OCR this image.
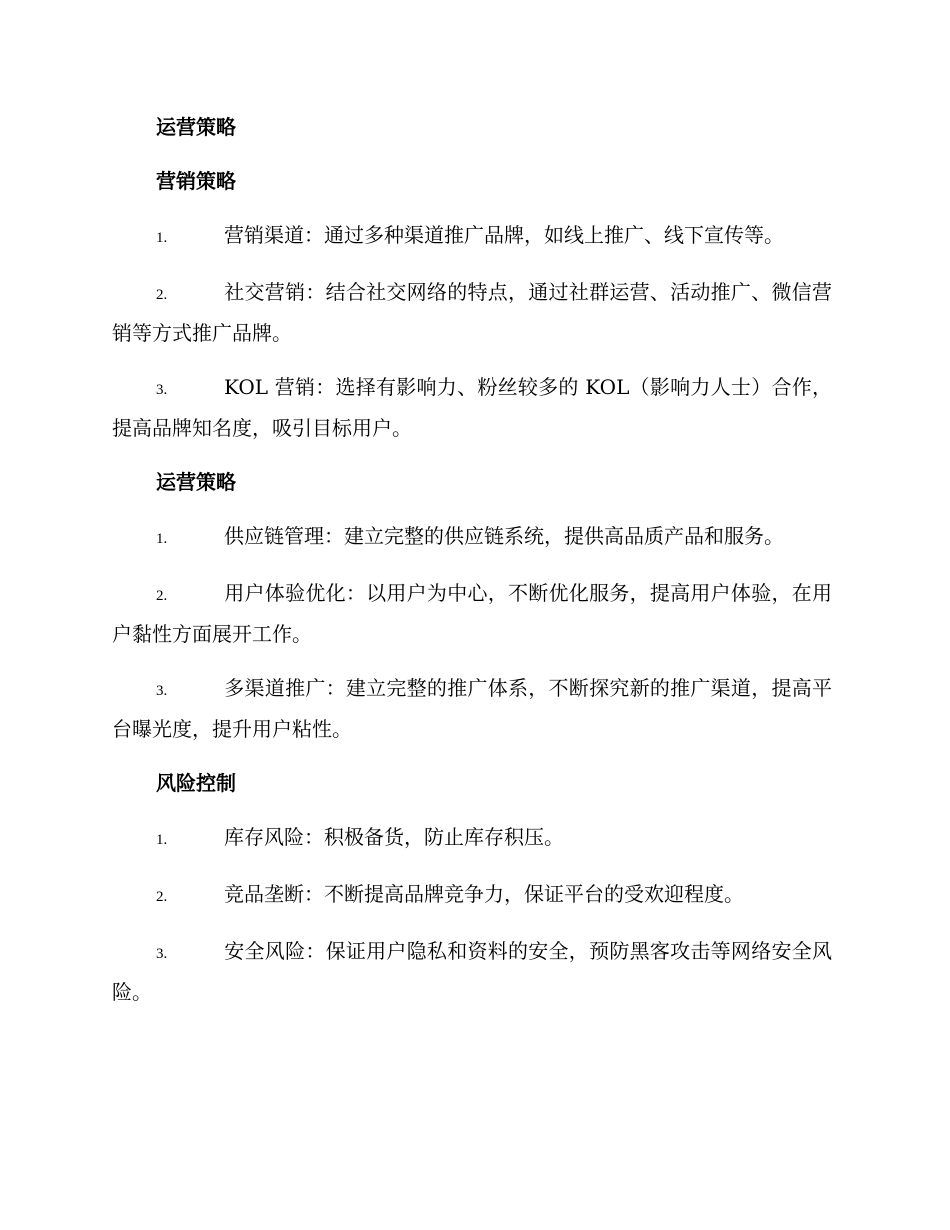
运营策略
营销策略
1.	营销渠道：通过多种渠道推广品牌，如线上推广、线下宣传等。
2.	社交营销：结合社交网络的特点，通过社群运营、活动推广、微信营销等方式推广品牌。
3.	KOL 营销：选择有影响力、粉丝较多的 KOL（影响力人士）合作，提高品牌知名度，吸引目标用户。
运营策略
1.	供应链管理：建立完整的供应链系统，提供高品质产品和服务。
2.	用户体验优化：以用户为中心，不断优化服务，提高用户体验，在用户黏性方面展开工作。
3.	多渠道推广：建立完整的推广体系，不断探究新的推广渠道，提高平台曝光度，提升用户粘性。
风险控制
1.	库存风险：积极备货，防止库存积压。
2.	竞品垄断：不断提高品牌竞争力，保证平台的受欢迎程度。
3.	安全风险：保证用户隐私和资料的安全，预防黑客攻击等网络安全风险。
